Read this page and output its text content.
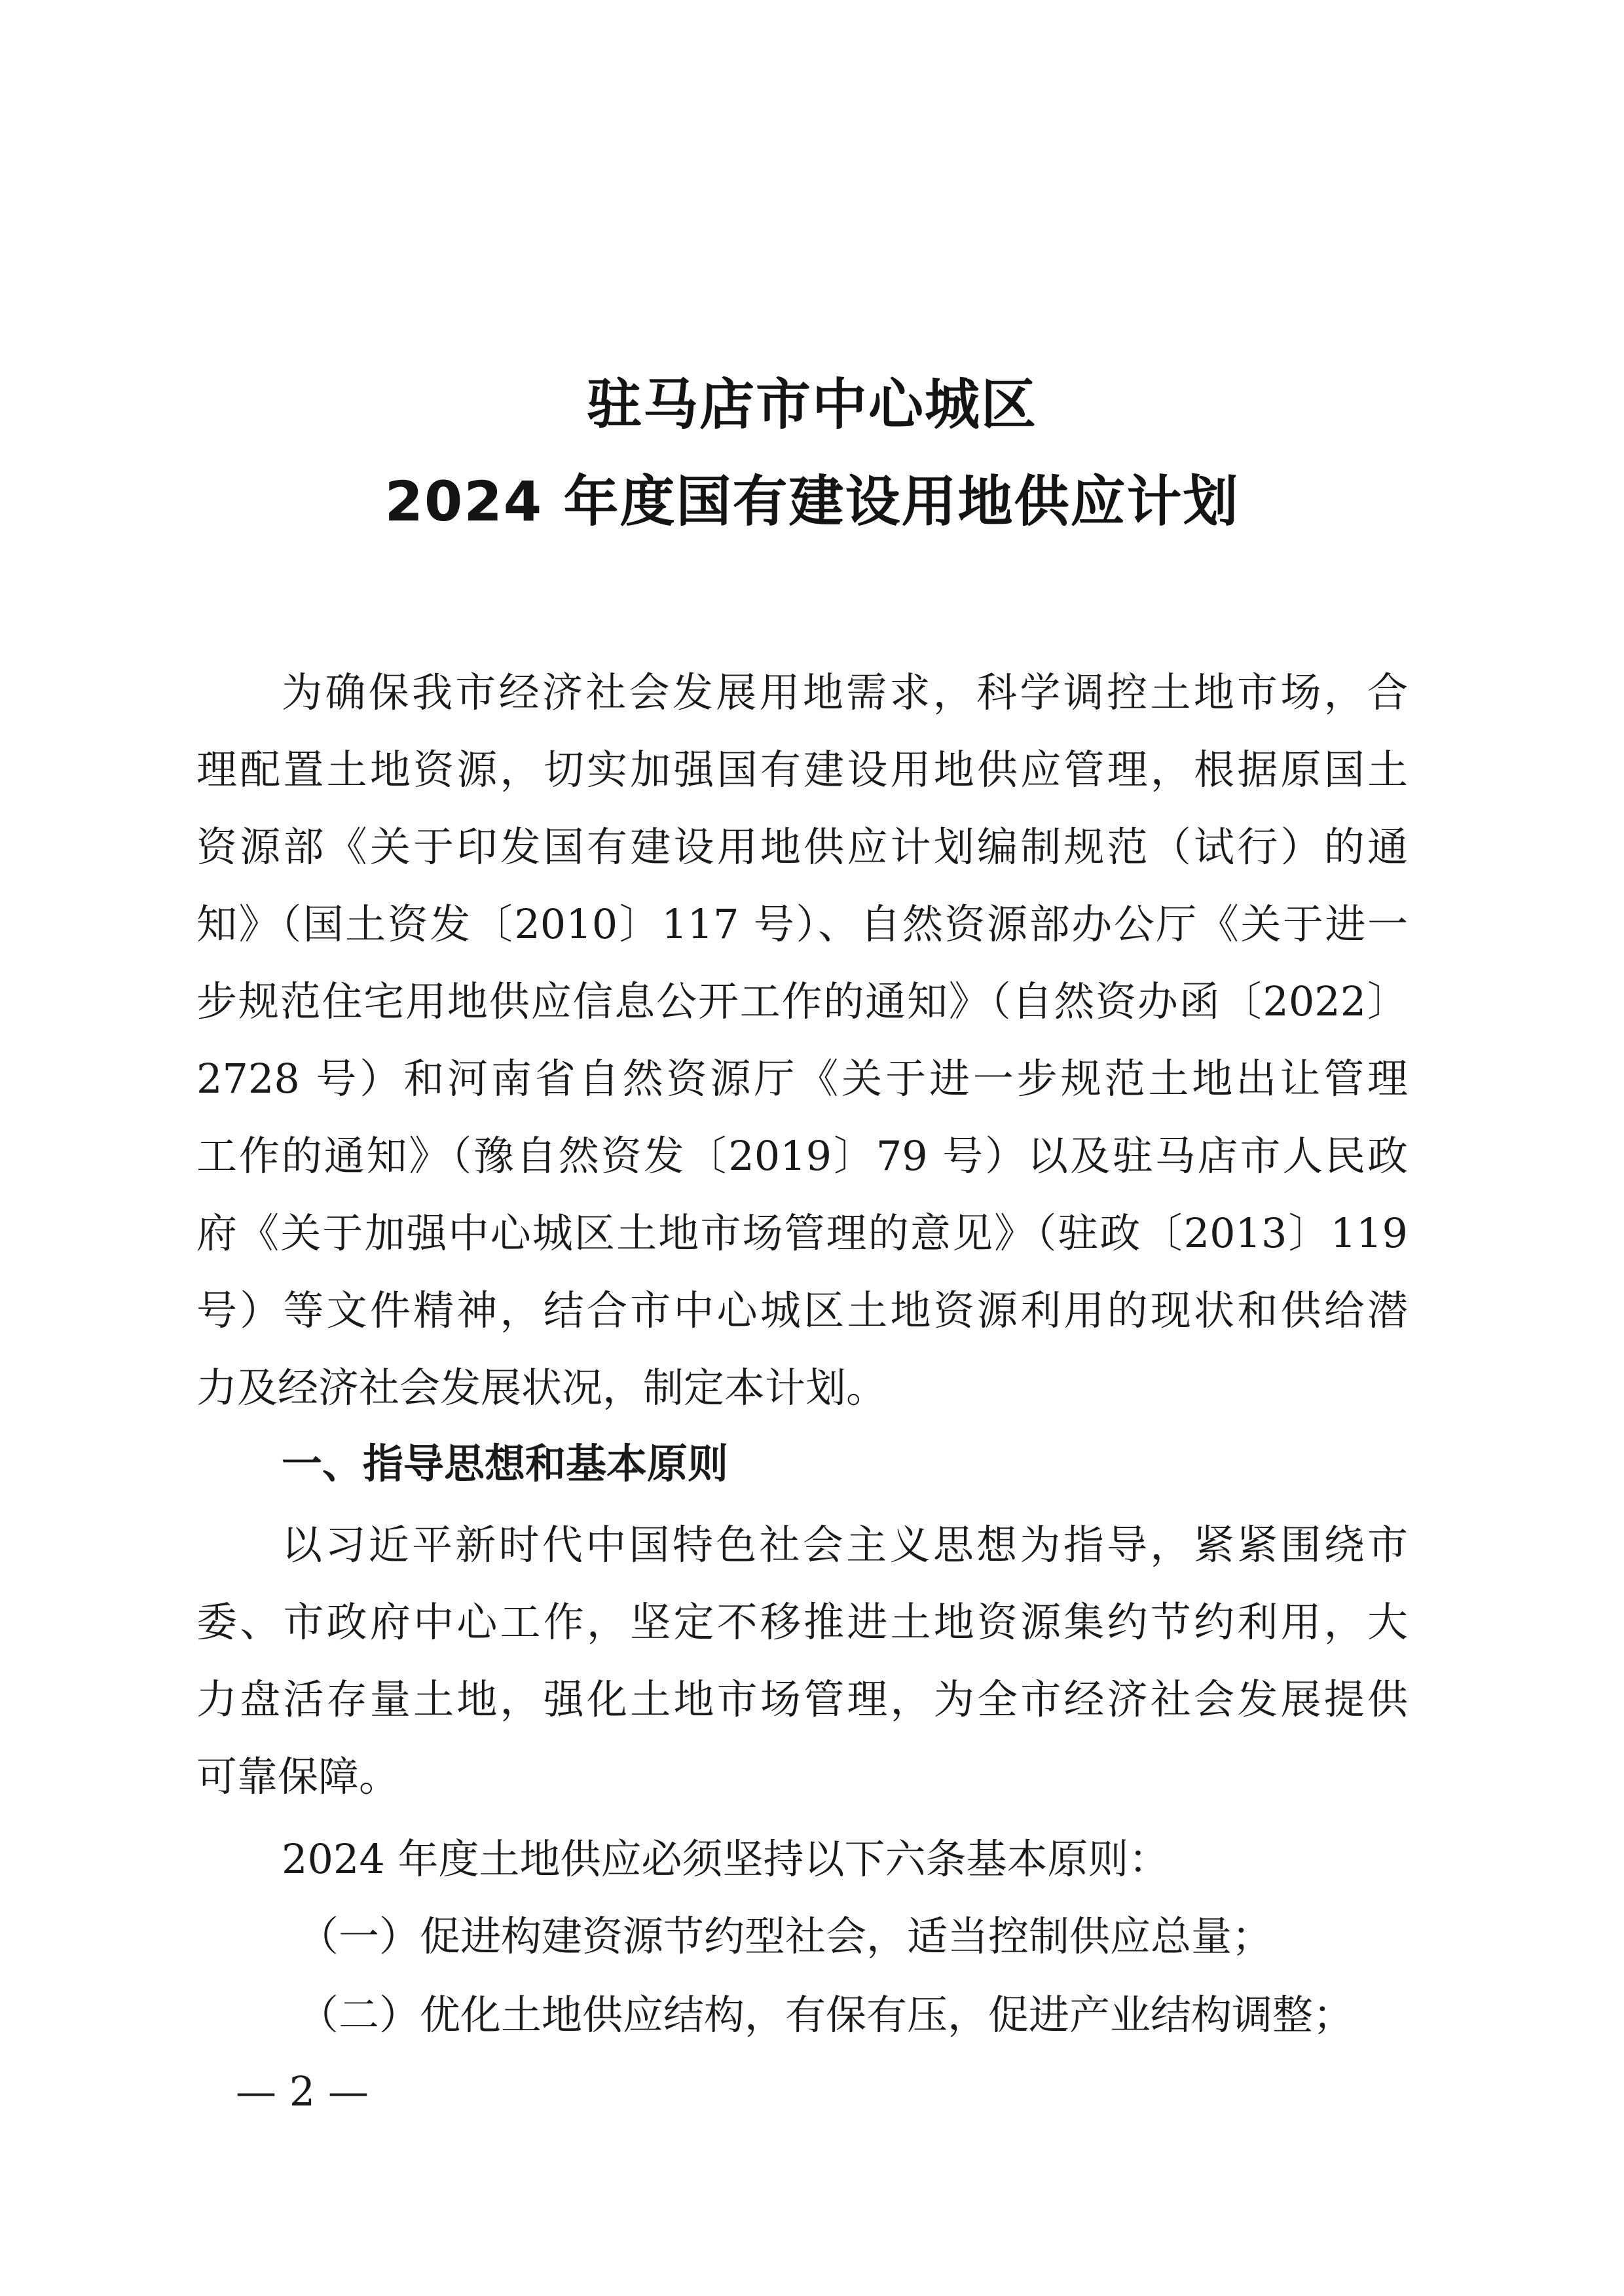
驻马店市中心城区
2024 年度国有建设用地供应计划
为确保我市经济社会发展用地需求，科学调控土地市场，合
理配置土地资源，切实加强国有建设用地供应管理，根据原国土
资源部《关于印发国有建设用地供应计划编制规范（试行）的通
知》（国土资发〔2010〕117 号）、自然资源部办公厅《关于进一
步规范住宅用地供应信息公开工作的通知》（自然资办函〔2022〕
2728 号）和河南省自然资源厅《关于进一步规范土地出让管理
工作的通知》（豫自然资发〔2019〕79 号）以及驻马店市人民政
府《关于加强中心城区土地市场管理的意见》（驻政〔2013〕119
号）等文件精神，结合市中心城区土地资源利用的现状和供给潜
力及经济社会发展状况，制定本计划。
一、指导思想和基本原则
以习近平新时代中国特色社会主义思想为指导，紧紧围绕市
委、市政府中心工作，坚定不移推进土地资源集约节约利用，大
力盘活存量土地，强化土地市场管理，为全市经济社会发展提供
可靠保障。
2024 年度土地供应必须坚持以下六条基本原则：
（一）促进构建资源节约型社会，适当控制供应总量；
（二）优化土地供应结构，有保有压，促进产业结构调整；
— 2 —
